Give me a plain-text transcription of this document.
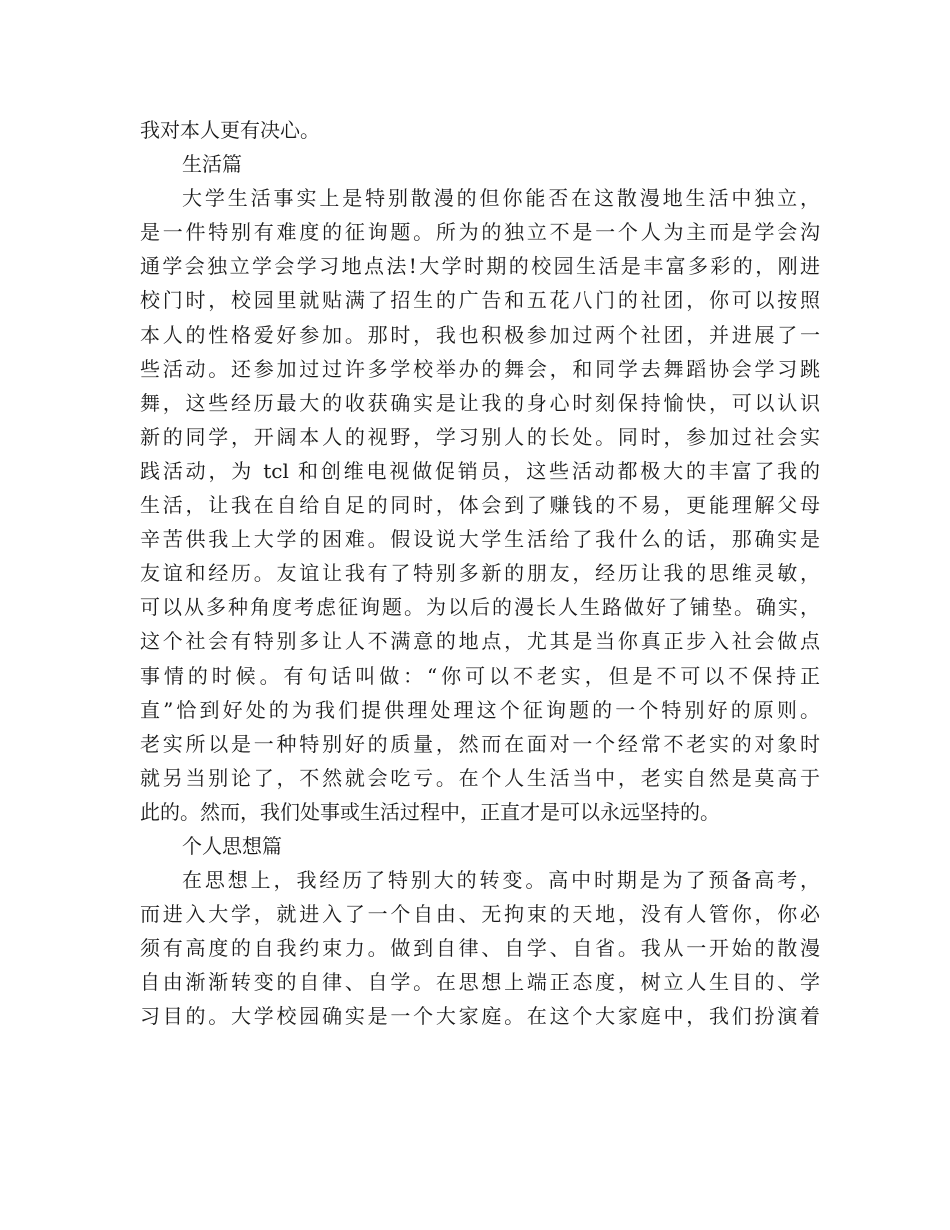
我对本人更有决心。
生活篇
大学生活事实上是特别散漫的但你能否在这散漫地生活中独立，
是一件特别有难度的征询题。所为的独立不是一个人为主而是学会沟
通学会独立学会学习地点法!大学时期的校园生活是丰富多彩的，刚进
校门时，校园里就贴满了招生的广告和五花八门的社团，你可以按照
本人的性格爱好参加。那时，我也积极参加过两个社团，并进展了一
些活动。还参加过过许多学校举办的舞会，和同学去舞蹈协会学习跳
舞，这些经历最大的收获确实是让我的身心时刻保持愉快，可以认识
新的同学，开阔本人的视野，学习别人的长处。同时，参加过社会实
践活动，为 tcl 和创维电视做促销员，这些活动都极大的丰富了我的
生活，让我在自给自足的同时，体会到了赚钱的不易，更能理解父母
辛苦供我上大学的困难。假设说大学生活给了我什么的话，那确实是
友谊和经历。友谊让我有了特别多新的朋友，经历让我的思维灵敏，
可以从多种角度考虑征询题。为以后的漫长人生路做好了铺垫。确实，
这个社会有特别多让人不满意的地点，尤其是当你真正步入社会做点
事情的时候。有句话叫做：“你可以不老实，但是不可以不保持正
直”恰到好处的为我们提供理处理这个征询题的一个特别好的原则。
老实所以是一种特别好的质量，然而在面对一个经常不老实的对象时
就另当别论了，不然就会吃亏。在个人生活当中，老实自然是莫高于
此的。然而，我们处事或生活过程中，正直才是可以永远坚持的。
个人思想篇
在思想上，我经历了特别大的转变。高中时期是为了预备高考，
而进入大学，就进入了一个自由、无拘束的天地，没有人管你，你必
须有高度的自我约束力。做到自律、自学、自省。我从一开始的散漫
自由渐渐转变的自律、自学。在思想上端正态度，树立人生目的、学
习目的。大学校园确实是一个大家庭。在这个大家庭中，我们扮演着
